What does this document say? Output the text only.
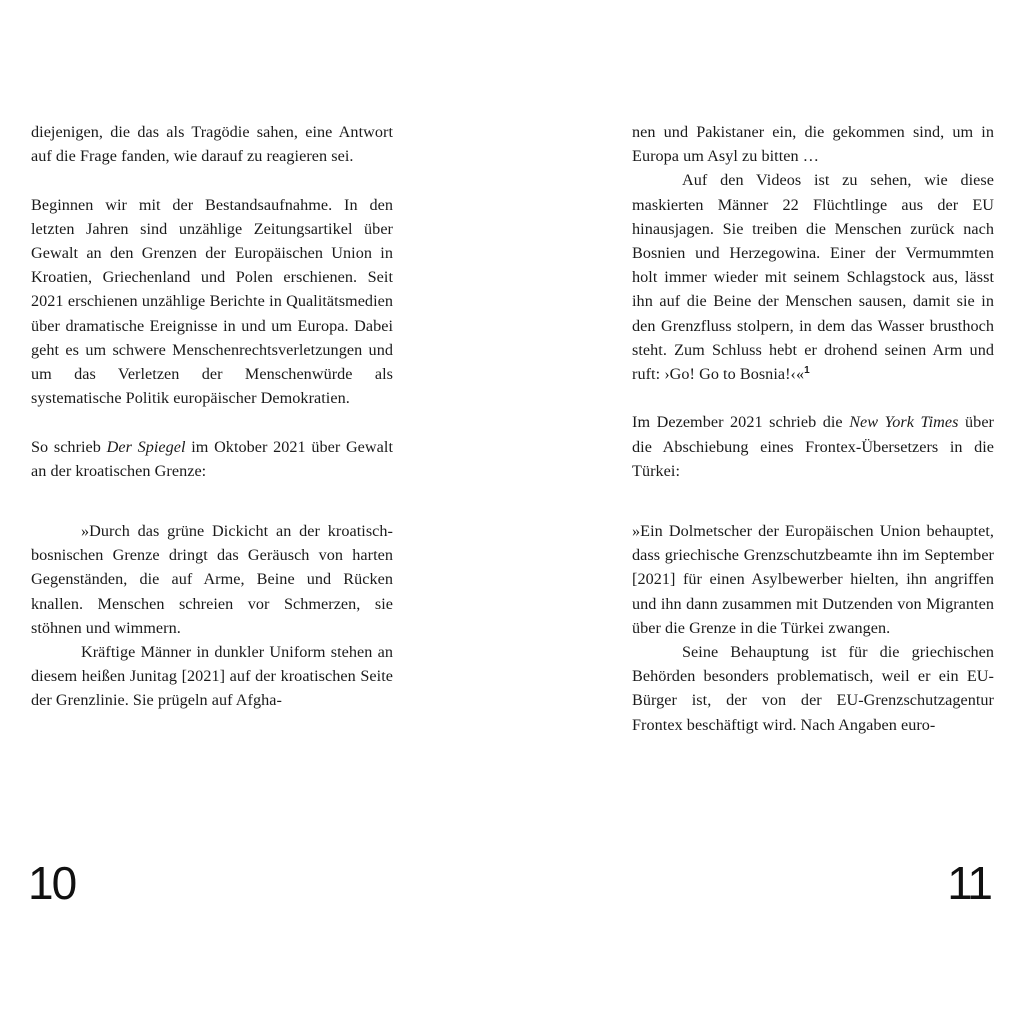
diejenigen, die das als Tragödie sahen, eine Antwort auf die Frage fanden, wie darauf zu reagieren sei.

Beginnen wir mit der Bestandsaufnahme. In den letzten Jahren sind unzählige Zeitungsartikel über Gewalt an den Grenzen der Europäischen Union in Kroatien, Griechenland und Polen erschienen. Seit 2021 erschienen unzählige Berichte in Qualitätsmedien über dramatische Ereignisse in und um Europa. Dabei geht es um schwere Menschenrechtsverletzungen und um das Verletzen der Menschenwürde als systematische Politik europäischer Demokratien.

So schrieb Der Spiegel im Oktober 2021 über Gewalt an der kroatischen Grenze:

»Durch das grüne Dickicht an der kroatisch-bosnischen Grenze dringt das Geräusch von harten Gegenständen, die auf Arme, Beine und Rücken knallen. Menschen schreien vor Schmerzen, sie stöhnen und wimmern.

Kräftige Männer in dunkler Uniform stehen an diesem heißen Junitag [2021] auf der kroatischen Seite der Grenzlinie. Sie prügeln auf Afgha-

10

nen und Pakistaner ein, die gekommen sind, um in Europa um Asyl zu bitten …

Auf den Videos ist zu sehen, wie diese maskierten Männer 22 Flüchtlinge aus der EU hinausjagen. Sie treiben die Menschen zurück nach Bosnien und Herzegowina. Einer der Vermummten holt immer wieder mit seinem Schlagstock aus, lässt ihn auf die Beine der Menschen sausen, damit sie in den Grenzfluss stolpern, in dem das Wasser brusthoch steht. Zum Schluss hebt er drohend seinen Arm und ruft: ›Go! Go to Bosnia!‹«$^1$

Im Dezember 2021 schrieb die New York Times über die Abschiebung eines Frontex-Übersetzers in die Türkei:

»Ein Dolmetscher der Europäischen Union behauptet, dass griechische Grenzschutzbeamte ihn im September [2021] für einen Asylbewerber hielten, ihn angriffen und ihn dann zusammen mit Dutzenden von Migranten über die Grenze in die Türkei zwangen.

Seine Behauptung ist für die griechischen Behörden besonders problematisch, weil er ein EU-Bürger ist, der von der EU-Grenzschutzagentur Frontex beschäftigt wird. Nach Angaben euro-

11
